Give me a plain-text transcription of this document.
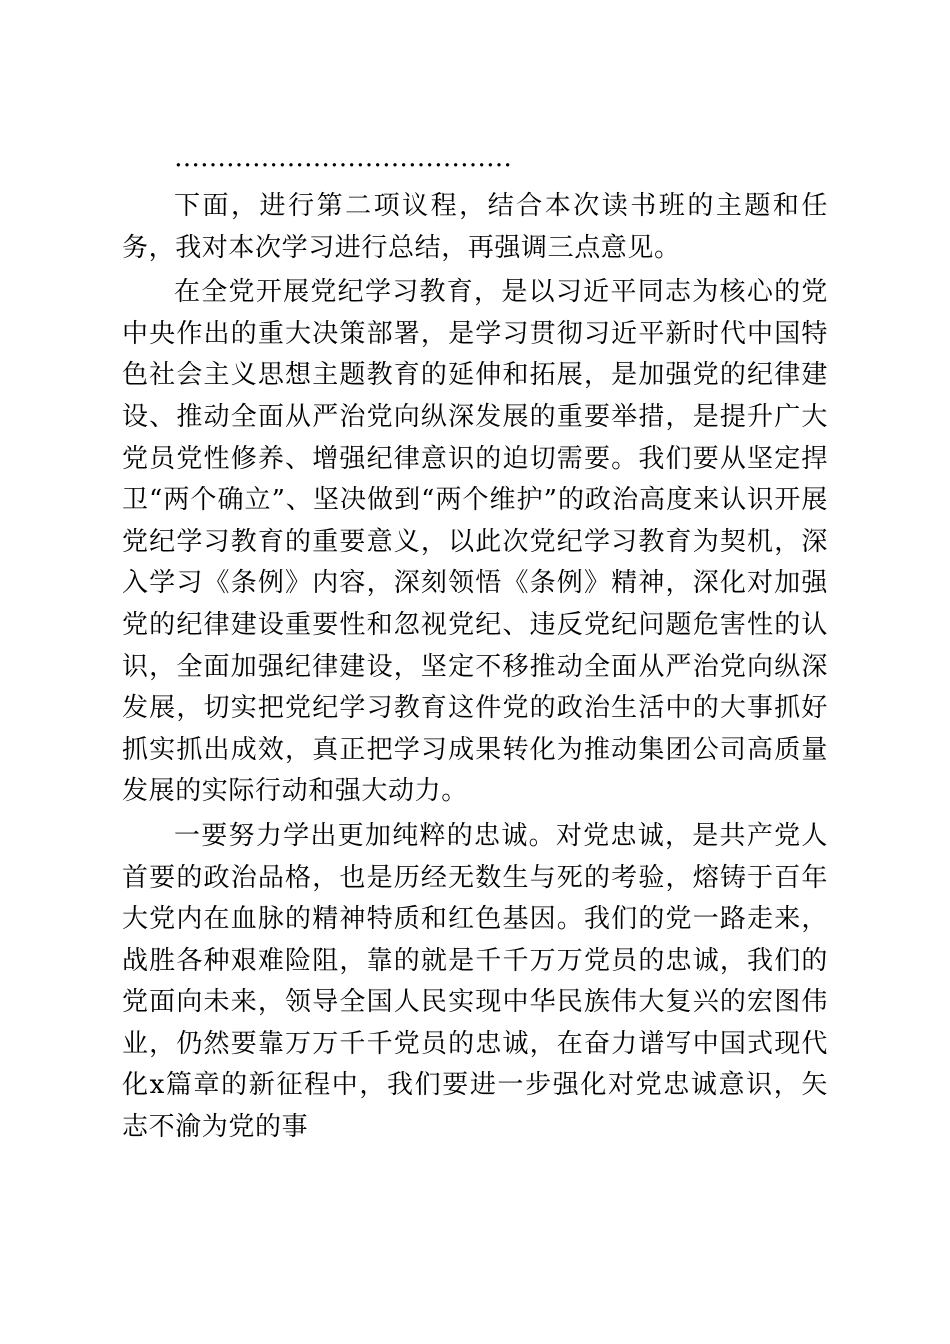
…………………………………

下面，进行第二项议程，结合本次读书班的主题和任务，我对本次学习进行总结，再强调三点意见。

在全党开展党纪学习教育，是以习近平同志为核心的党中央作出的重大决策部署，是学习贯彻习近平新时代中国特色社会主义思想主题教育的延伸和拓展，是加强党的纪律建设、推动全面从严治党向纵深发展的重要举措，是提升广大党员党性修养、增强纪律意识的迫切需要。我们要从坚定捍卫“两个确立”、坚决做到“两个维护”的政治高度来认识开展党纪学习教育的重要意义，以此次党纪学习教育为契机，深入学习《条例》内容，深刻领悟《条例》精神，深化对加强党的纪律建设重要性和忽视党纪、违反党纪问题危害性的认识，全面加强纪律建设，坚定不移推动全面从严治党向纵深发展，切实把党纪学习教育这件党的政治生活中的大事抓好抓实抓出成效，真正把学习成果转化为推动集团公司高质量发展的实际行动和强大动力。

一要努力学出更加纯粹的忠诚。对党忠诚，是共产党人首要的政治品格，也是历经无数生与死的考验，熔铸于百年大党内在血脉的精神特质和红色基因。我们的党一路走来，战胜各种艰难险阻，靠的就是千千万万党员的忠诚，我们的党面向未来，领导全国人民实现中华民族伟大复兴的宏图伟业，仍然要靠万万千千党员的忠诚，在奋力谱写中国式现代化x篇章的新征程中，我们要进一步强化对党忠诚意识，矢志不渝为党的事
